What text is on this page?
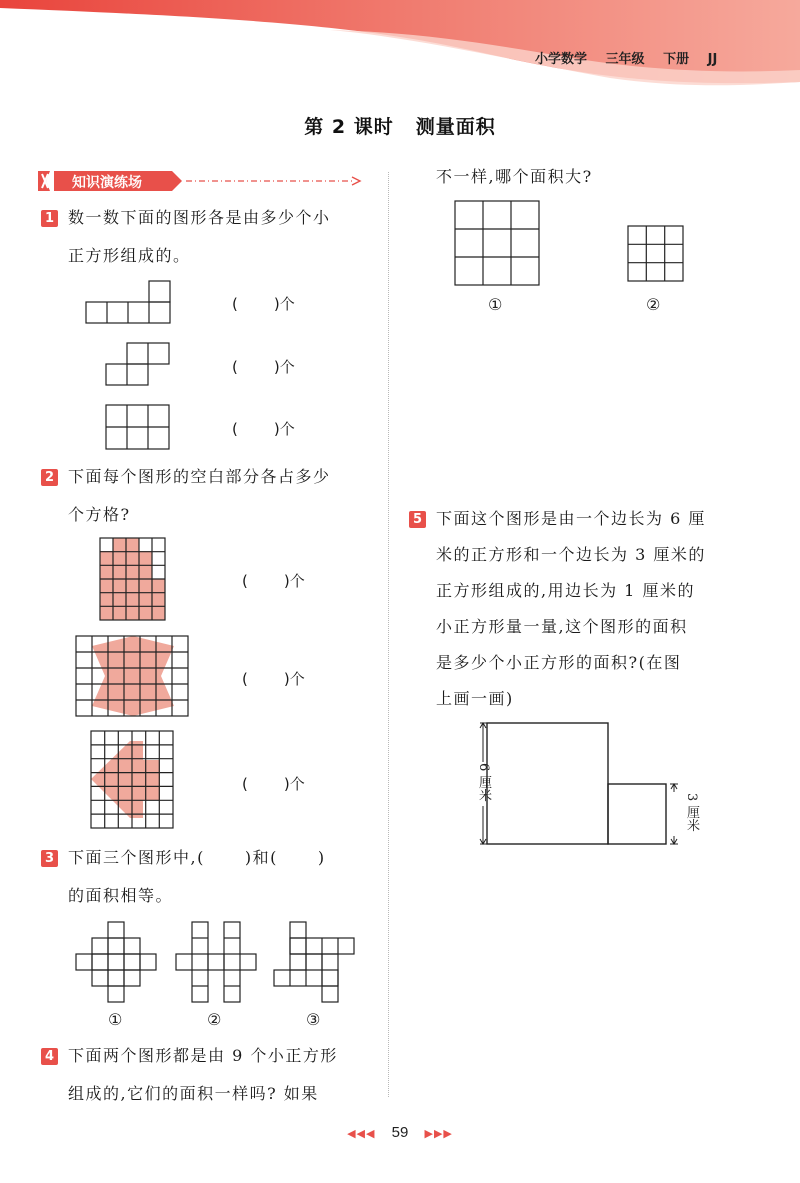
小学数学 三年级 下册 JJ
第 2 课时 测量面积
知识演练场
1 数一数下面的图形各是由多少个小
正方形组成的。
( )个
( )个
( )个
2 下面每个图形的空白部分各占多少
个方格?
( )个
( )个
( )个
3 下面三个图形中,(	)和(	)
的面积相等。
①	②	③
4 下面两个图形都是由 9 个小正方形
组成的,它们的面积一样吗? 如果
不一样,哪个面积大?
①	②
5 下面这个图形是由一个边长为 6 厘
米的正方形和一个边长为 3 厘米的
正方形组成的,用边长为 1 厘米的
小正方形量一量,这个图形的面积
是多少个小正方形的面积?(在图
上画一画)
6 厘米
3 厘米
◀◀◀ 59 ▶▶▶
